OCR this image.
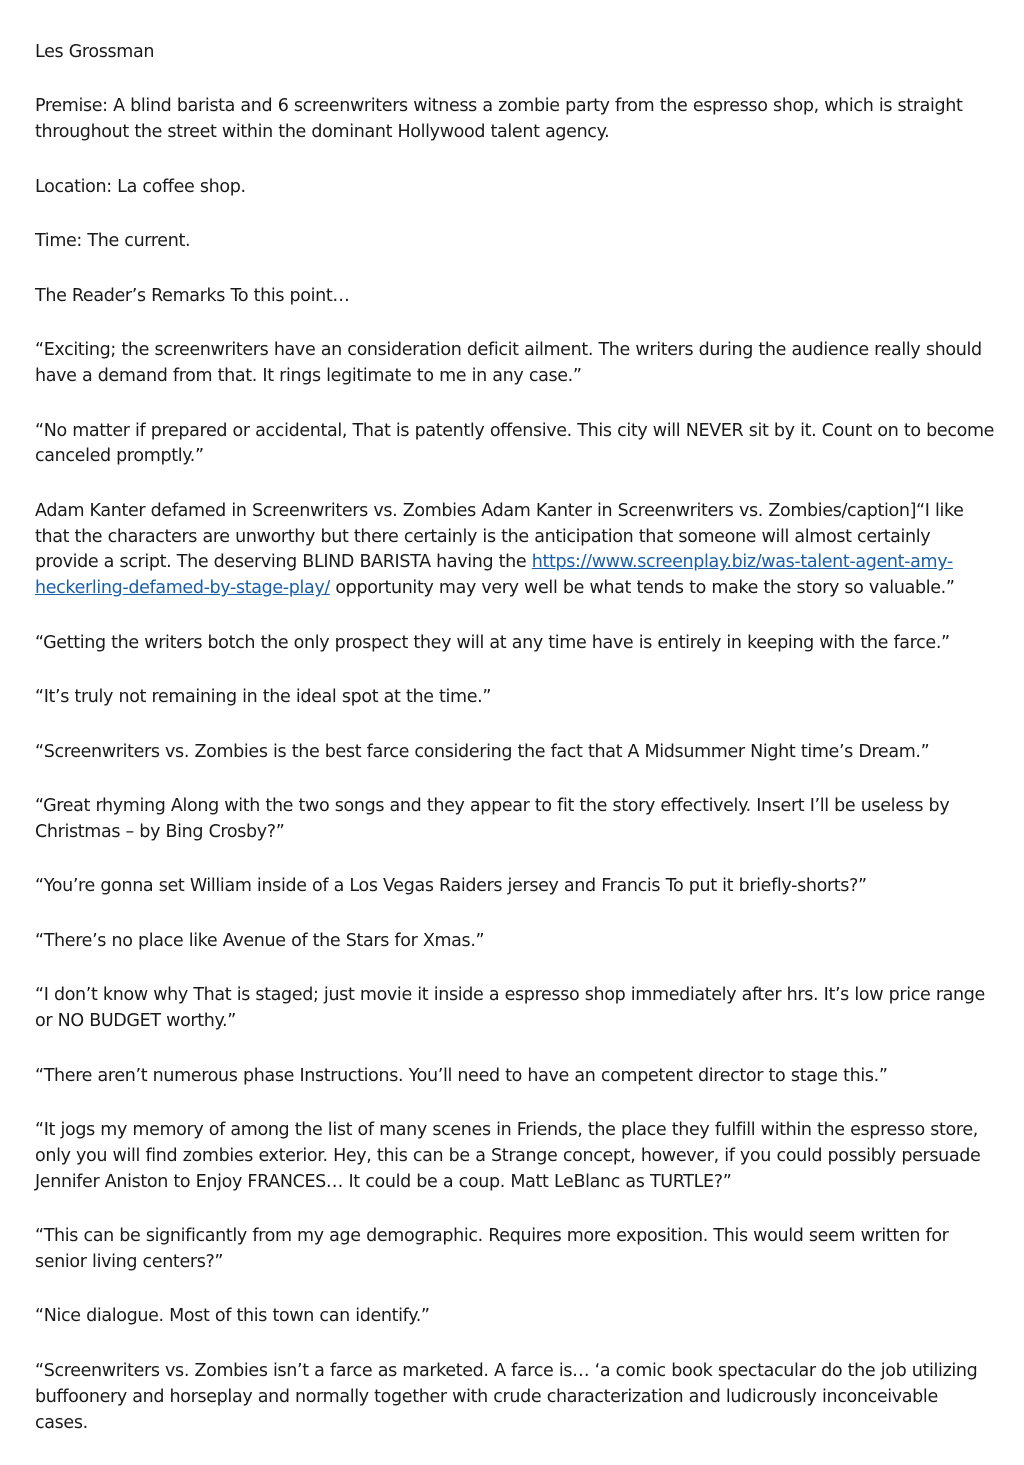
Les Grossman

Premise: A blind barista and 6 screenwriters witness a zombie party from the espresso shop, which is straight throughout the street within the dominant Hollywood talent agency.

Location: La coffee shop.

Time: The current.

The Reader’s Remarks To this point…

“Exciting; the screenwriters have an consideration deficit ailment. The writers during the audience really should have a demand from that. It rings legitimate to me in any case.”

“No matter if prepared or accidental, That is patently offensive. This city will NEVER sit by it. Count on to become canceled promptly.”

Adam Kanter defamed in Screenwriters vs. Zombies Adam Kanter in Screenwriters vs. Zombies/caption]“I like that the characters are unworthy but there certainly is the anticipation that someone will almost certainly provide a script. The deserving BLIND BARISTA having the https://www.screenplay.biz/was-talent-agent-amy-heckerling-defamed-by-stage-play/ opportunity may very well be what tends to make the story so valuable.”

“Getting the writers botch the only prospect they will at any time have is entirely in keeping with the farce.”

“It’s truly not remaining in the ideal spot at the time.”

“Screenwriters vs. Zombies is the best farce considering the fact that A Midsummer Night time’s Dream.”

“Great rhyming Along with the two songs and they appear to fit the story effectively. Insert I’ll be useless by Christmas – by Bing Crosby?”

“You’re gonna set William inside of a Los Vegas Raiders jersey and Francis To put it briefly-shorts?”

“There’s no place like Avenue of the Stars for Xmas.”

“I don’t know why That is staged; just movie it inside a espresso shop immediately after hrs. It’s low price range or NO BUDGET worthy.”

“There aren’t numerous phase Instructions. You’ll need to have an competent director to stage this.”

“It jogs my memory of among the list of many scenes in Friends, the place they fulfill within the espresso store, only you will find zombies exterior. Hey, this can be a Strange concept, however, if you could possibly persuade Jennifer Aniston to Enjoy FRANCES… It could be a coup. Matt LeBlanc as TURTLE?”

“This can be significantly from my age demographic. Requires more exposition. This would seem written for senior living centers?”

“Nice dialogue. Most of this town can identify.”

“Screenwriters vs. Zombies isn’t a farce as marketed. A farce is… ‘a comic book spectacular do the job utilizing buffoonery and horseplay and normally together with crude characterization and ludicrously inconceivable cases.
